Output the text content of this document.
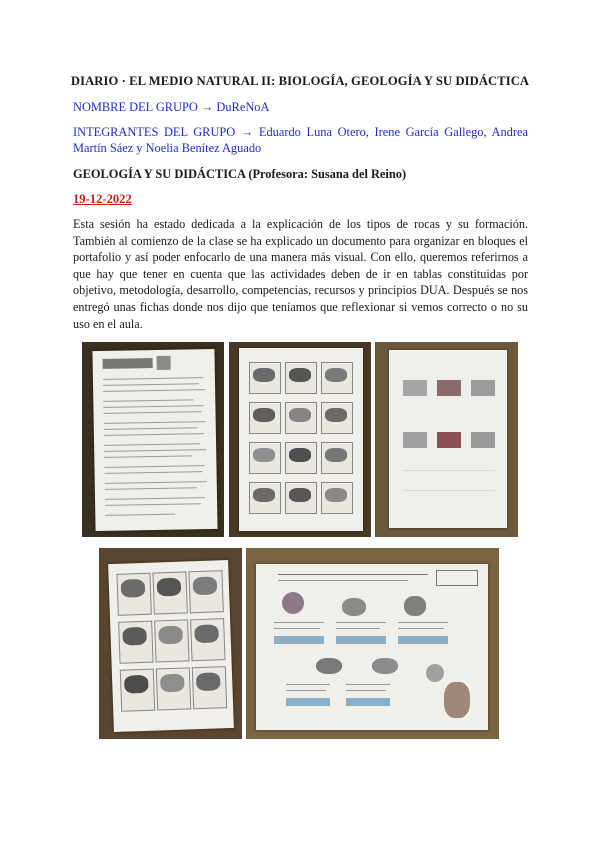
DIARIO · EL MEDIO NATURAL II: BIOLOGÍA, GEOLOGÍA Y SU DIDÁCTICA
NOMBRE DEL GRUPO → DuReNoA
INTEGRANTES DEL GRUPO → Eduardo Luna Otero, Irene García Gallego, Andrea Martín Sáez y Noelia Benítez Aguado
GEOLOGÍA Y SU DIDÁCTICA (Profesora: Susana del Reino)
19-12-2022
Esta sesión ha estado dedicada a la explicación de los tipos de rocas y su formación. También al comienzo de la clase se ha explicado un documento para organizar en bloques el portafolio y así poder enfocarlo de una manera más visual. Con ello, queremos referirnos a que hay que tener en cuenta que las actividades deben de ir en tablas constituidas por objetivo, metodología, desarrollo, competencias, recursos y principios DUA. Después se nos entregó unas fichas donde nos dijo que teníamos que reflexionar si vemos correcto o no su uso en el aula.
